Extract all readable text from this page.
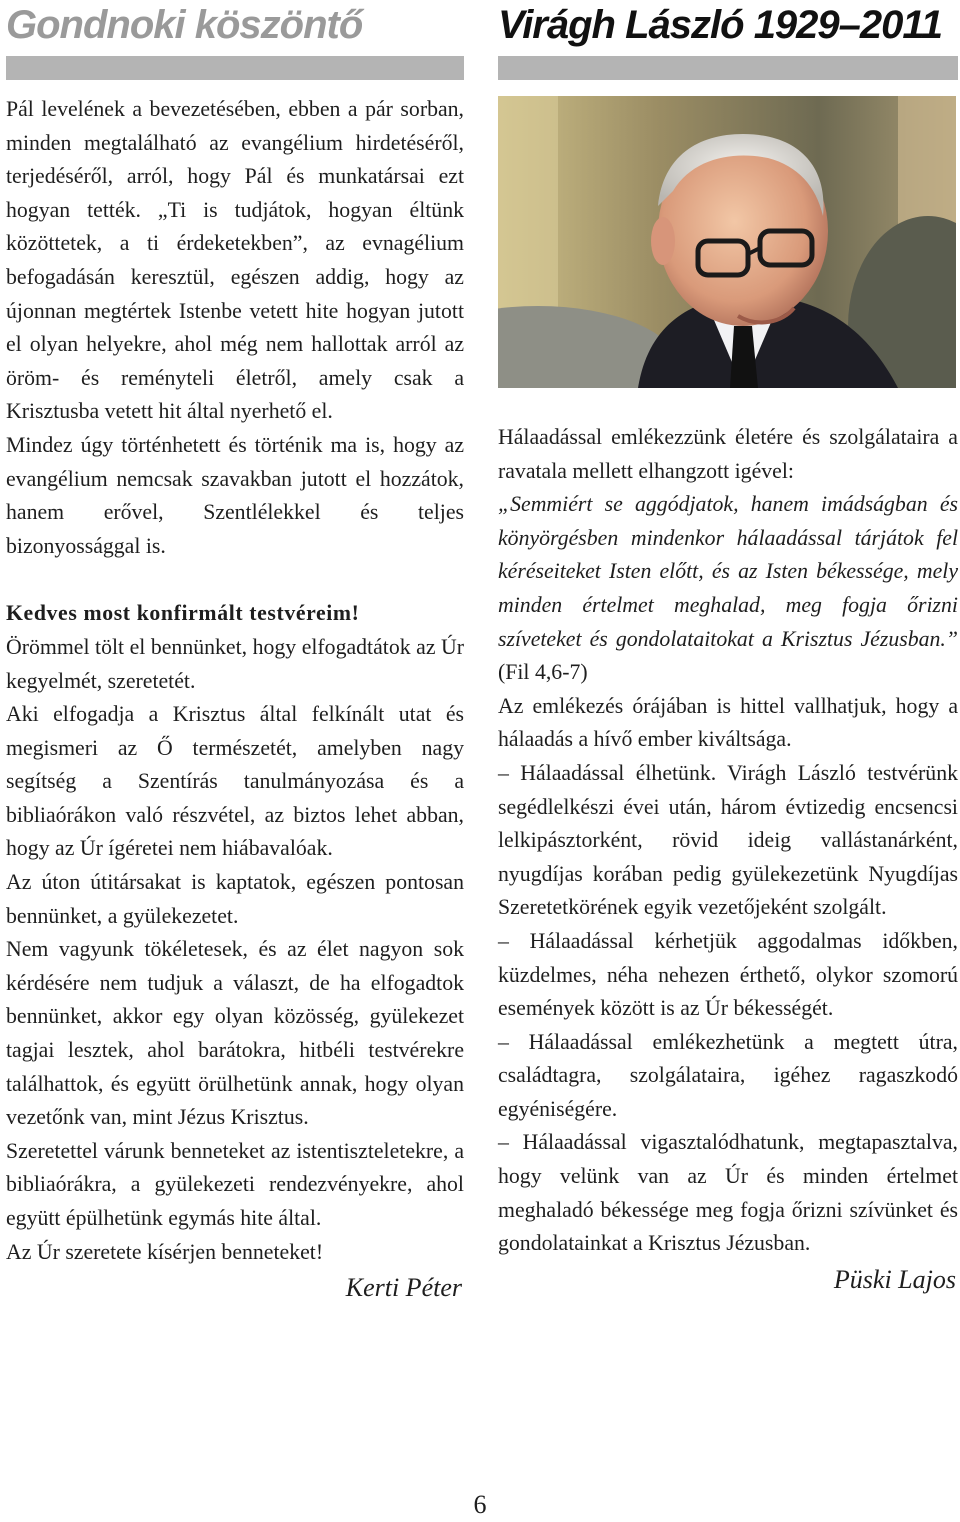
Gondnoki köszöntő

Pál levelének a bevezetésében, ebben a pár sorban, minden megtalálható az evangélium hirdetéséről, terjedéséről, arról, hogy Pál és munkatársai ezt hogyan tették. „Ti is tudjátok, hogyan éltünk közöttetek, a ti érdeketekben”, az evnagélium befogadásán keresztül, egészen addig, hogy az újonnan megtértek Istenbe vetett hite hogyan jutott el olyan helyekre, ahol még nem hallottak arról az öröm- és reményteli életről, amely csak a Krisztusba vetett hit által nyerhető el.

Mindez úgy történhetett és történik ma is, hogy az evangélium nemcsak szavakban jutott el hozzátok, hanem erővel, Szentlélekkel és teljes bizonyossággal is.

Kedves most konfirmált testvéreim!

Örömmel tölt el bennünket, hogy elfogadtátok az Úr kegyelmét, szeretetét.

Aki elfogadja a Krisztus által felkínált utat és megismeri az Ő természetét, amelyben nagy segítség a Szentírás tanulmányozása és a bibliaórákon való részvétel, az biztos lehet abban, hogy az Úr ígéretei nem hiábavalóak.

Az úton útitársakat is kaptatok, egészen pontosan bennünket, a gyülekezetet.

Nem vagyunk tökéletesek, és az élet nagyon sok kérdésére nem tudjuk a választ, de ha elfogadtok bennünket, akkor egy olyan közösség, gyülekezet tagjai lesztek, ahol barátokra, hitbéli testvérekre találhattok, és együtt örülhetünk annak, hogy olyan vezetőnk van, mint Jézus Krisztus.

Szeretettel várunk benneteket az istentiszteletekre, a bibliaórákra, a gyülekezeti rendezvényekre, ahol együtt épülhetünk egymás hite által.

Az Úr szeretete kísérjen benneteket!

Kerti Péter
Virágh László 1929–2011

Hálaadással emlékezzünk életére és szolgálataira a ravatala mellett elhangzott igével:

„Semmiért se aggódjatok, hanem imádságban és könyörgésben mindenkor hálaadással tárjátok fel kéréseiteket Isten előtt, és az Isten békessége, mely minden értelmet meghalad, meg fogja őrizni szíveteket és gondolataitokat a Krisztus Jézusban.” (Fil 4,6-7)

Az emlékezés órájában is hittel vallhatjuk, hogy a hálaadás a hívő ember kiváltsága.

– Hálaadással élhetünk. Virágh László testvérünk segédlelkészi évei után, három évtizedig encsencsi lelkipásztorként, rövid ideig vallástanárként, nyugdíjas korában pedig gyülekezetünk Nyugdíjas Szeretetkörének egyik vezetőjeként szolgált.

– Hálaadással kérhetjük aggodalmas időkben, küzdelmes, néha nehezen érthető, olykor szomorú események között is az Úr békességét.

– Hálaadással emlékezhetünk a megtett útra, családtagra, szolgálataira, igéhez ragaszkodó egyéniségére.

– Hálaadással vigasztalódhatunk, megtapasztalva, hogy velünk van az Úr és minden értelmet meghaladó békessége meg fogja őrizni szívünket és gondolatainkat a Krisztus Jézusban.

Püski Lajos
6
